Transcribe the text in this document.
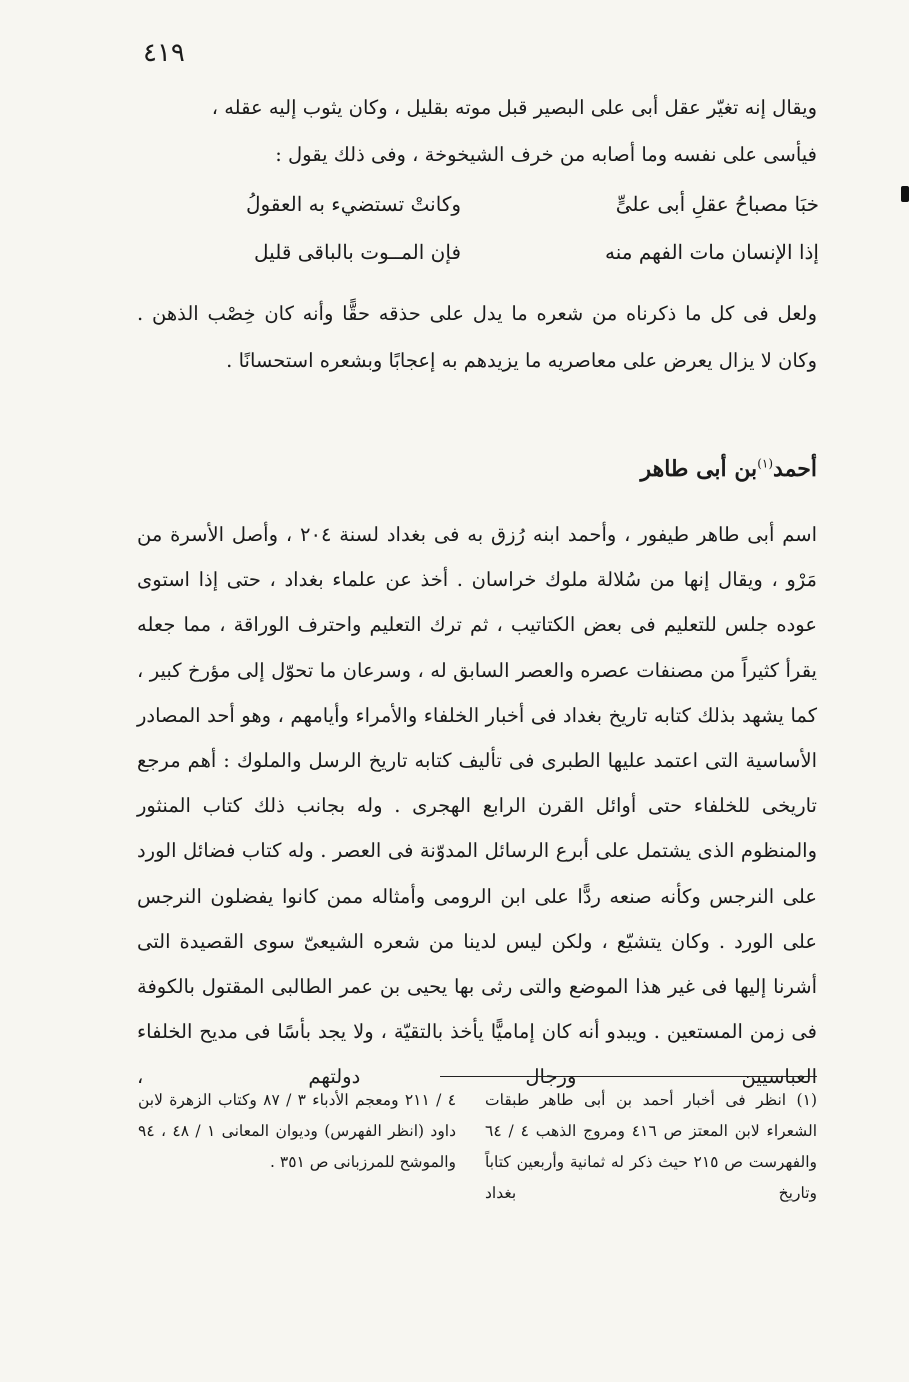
٤١٩
ويقال إنه تغيّر عقل أبى على البصير قبل موته بقليل ، وكان يثوب إليه عقله ،
فيأسى على نفسه وما أصابه من خرف الشيخوخة ، وفى ذلك يقول :
خبَا مصباحُ عقلِ أبى علىٍّ
وكانتْ تستضيء به العقولُ
إذا الإنسان مات الفهم منه
فإن المــوت بالباقى قليل
ولعل فى كل ما ذكرناه من شعره ما يدل على حذقه حقًّا وأنه كان خِصْب الذهن . وكان لا يزال يعرض على معاصريه ما يزيدهم به إعجابًا وبشعره استحسانًا .
أحمد$^{(١)}$بن أبى طاهر
اسم أبى طاهر طيفور ، وأحمد ابنه رُزق به فى بغداد لسنة ٢٠٤ ، وأصل الأسرة من مَرْو ، ويقال إنها من سُلالة ملوك خراسان . أخذ عن علماء بغداد ، حتى إذا استوى عوده جلس للتعليم فى بعض الكتاتيب ، ثم ترك التعليم واحترف الوراقة ، مما جعله يقرأ كثيراً من مصنفات عصره والعصر السابق له ، وسرعان ما تحوّل إلى مؤرخ كبير ، كما يشهد بذلك كتابه تاريخ بغداد فى أخبار الخلفاء والأمراء وأيامهم ، وهو أحد المصادر الأساسية التى اعتمد عليها الطبرى فى تأليف كتابه تاريخ الرسل والملوك : أهم مرجع تاريخى للخلفاء حتى أوائل القرن الرابع الهجرى . وله بجانب ذلك كتاب المنثور والمنظوم الذى يشتمل على أبرع الرسائل المدوّنة فى العصر . وله كتاب فضائل الورد على النرجس وكأنه صنعه ردًّا على ابن الرومى وأمثاله ممن كانوا يفضلون النرجس على الورد . وكان يتشيّع ، ولكن ليس لدينا من شعره الشيعىّ سوى القصيدة التى أشرنا إليها فى غير هذا الموضع والتى رثى بها يحيى بن عمر الطالبى المقتول بالكوفة فى زمن المستعين . ويبدو أنه كان إماميًّا يأخذ بالتقيّة ، ولا يجد بأسًا فى مديح الخلفاء العباسيين ورجال دولتهم ،
(١) انظر فى أخبار أحمد بن أبى طاهر طبقات الشعراء لابن المعتز ص ٤١٦ ومروج الذهب ٤ / ٦٤ والفهرست ص ٢١٥ حيث ذكر له ثمانية وأربعين كتاباً وتاريخ بغداد
٤ / ٢١١ ومعجم الأدباء ٣ / ٨٧ وكتاب الزهرة لابن داود (انظر الفهرس) وديوان المعانى ١ / ٤٨ ، ٩٤ والموشح للمرزبانى ص ٣٥١ .
